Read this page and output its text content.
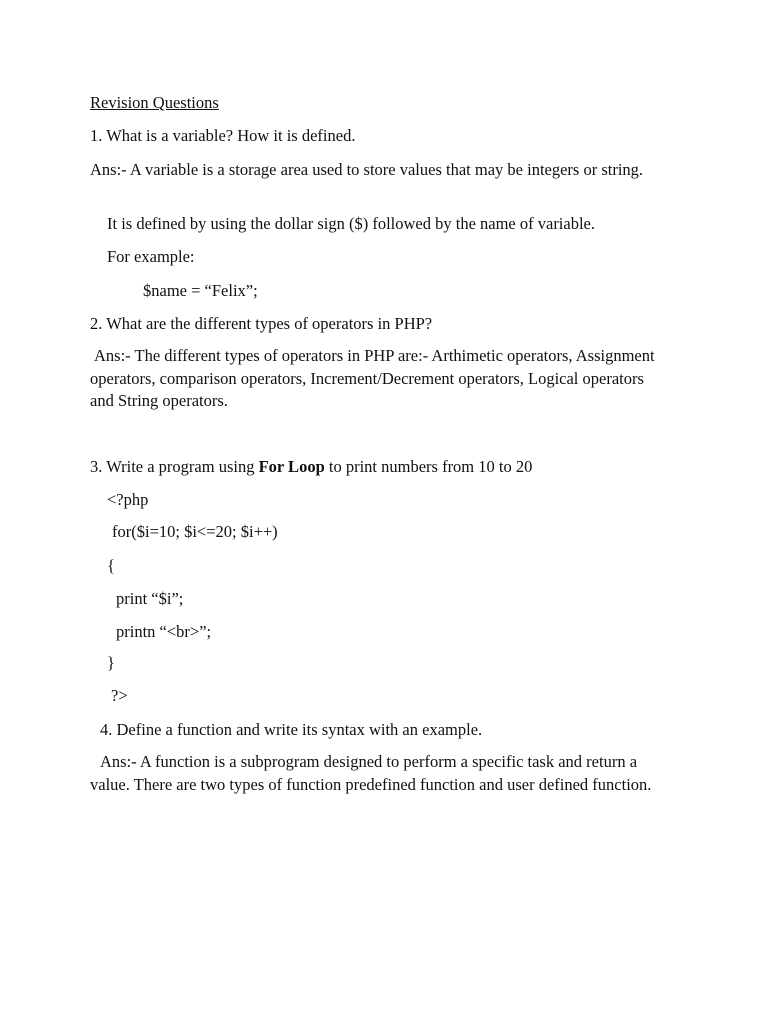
Revision Questions
1. What is a variable? How it is defined.
Ans:- A variable is a storage area used to store values that may be integers or string.
It is defined by using the dollar sign ($) followed by the name of variable.
For example:
$name = “Felix”;
2. What are the different types of operators in PHP?
Ans:- The different types of operators in PHP are:- Arthimetic operators, Assignment operators, comparison operators, Increment/Decrement operators, Logical operators and String operators.
3. Write a program using For Loop to print numbers from 10 to 20
<?php
for($i=10; $i<=20; $i++)
{
print “$i”;
printn “<br>”;
}
?>
4. Define a function and write its syntax with an example.
Ans:- A function is a subprogram designed to perform a specific task and return a value. There are two types of function predefined function and user defined function.
